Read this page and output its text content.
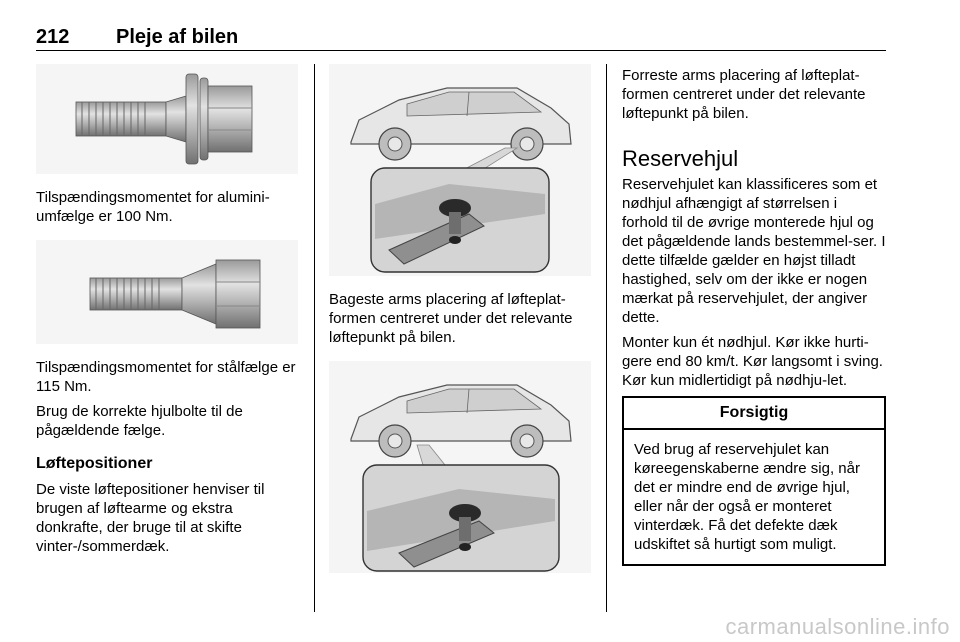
212 Pleje af bilen

Tilspændingsmomentet for alumini-umfælge er 100 Nm.

Tilspændingsmomentet for stålfælge er 115 Nm.

Brug de korrekte hjulbolte til de pågældende fælge.

Løftepositioner

De viste løftepositioner henviser til brugen af løftearme og ekstra donkrafte, der bruge til at skifte vinter-/sommerdæk.

Bageste arms placering af løfteplat-formen centreret under det relevante løftepunkt på bilen.

Forreste arms placering af løfteplat-formen centreret under det relevante løftepunkt på bilen.

Reservehjul

Reservehjulet kan klassificeres som et nødhjul afhængigt af størrelsen i forhold til de øvrige monterede hjul og det pågældende lands bestemmel-ser. I dette tilfælde gælder en højst tilladt hastighed, selv om der ikke er nogen mærkat på reservehjulet, der angiver dette.

Monter kun ét nødhjul. Kør ikke hurti-gere end 80 km/t. Kør langsomt i sving. Kør kun midlertidigt på nødhju-let.

Forsigtig
Ved brug af reservehjulet kan køreegenskaberne ændre sig, når det er mindre end de øvrige hjul, eller når der også er monteret vinterdæk. Få det defekte dæk udskiftet så hurtigt som muligt.
carmanualsonline.info
